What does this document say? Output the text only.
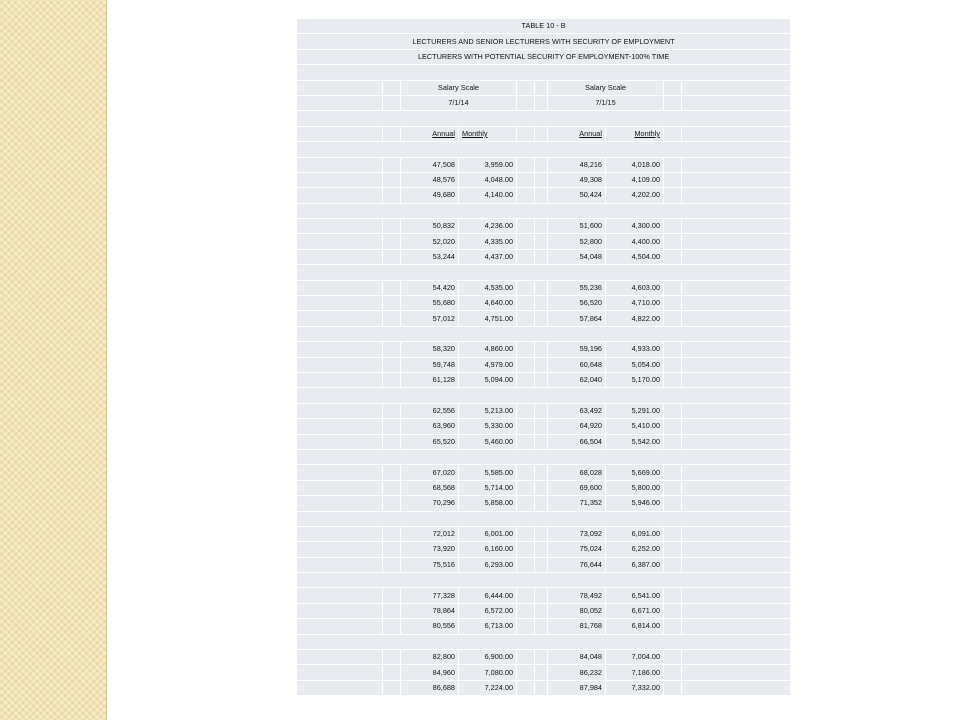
TABLE 10 - B									
LECTURERS AND SENIOR LECTURERS WITH SECURITY OF EMPLOYMENT									
LECTURERS WITH POTENTIAL SECURITY OF EMPLOYMENT-100% TIME									

		Salary Scale				Salary Scale			
		7/1/14				7/1/15			

		Annual	Monthly			Annual	Monthly		

		47,508	3,959.00			48,216	4,018.00		
		48,576	4,048.00			49,308	4,109.00		
		49,680	4,140.00			50,424	4,202.00		

		50,832	4,236.00			51,600	4,300.00		
		52,020	4,335.00			52,800	4,400.00		
		53,244	4,437.00			54,048	4,504.00		

		54,420	4,535.00			55,236	4,603.00		
		55,680	4,640.00			56,520	4,710.00		
		57,012	4,751.00			57,864	4,822.00		

		58,320	4,860.00			59,196	4,933.00		
		59,748	4,979.00			60,648	5,054.00		
		61,128	5,094.00			62,040	5,170.00		

		62,556	5,213.00			63,492	5,291.00		
		63,960	5,330.00			64,920	5,410.00		
		65,520	5,460.00			66,504	5,542.00		

		67,020	5,585.00			68,028	5,669.00		
		68,568	5,714.00			69,600	5,800.00		
		70,296	5,858.00			71,352	5,946.00		

		72,012	6,001.00			73,092	6,091.00		
		73,920	6,160.00			75,024	6,252.00		
		75,516	6,293.00			76,644	6,387.00		

		77,328	6,444.00			78,492	6,541.00		
		78,864	6,572.00			80,052	6,671.00		
		80,556	6,713.00			81,768	6,814.00		

		82,800	6,900.00			84,048	7,004.00		
		84,960	7,080.00			86,232	7,186.00		
		86,688	7,224.00			87,984	7,332.00		
